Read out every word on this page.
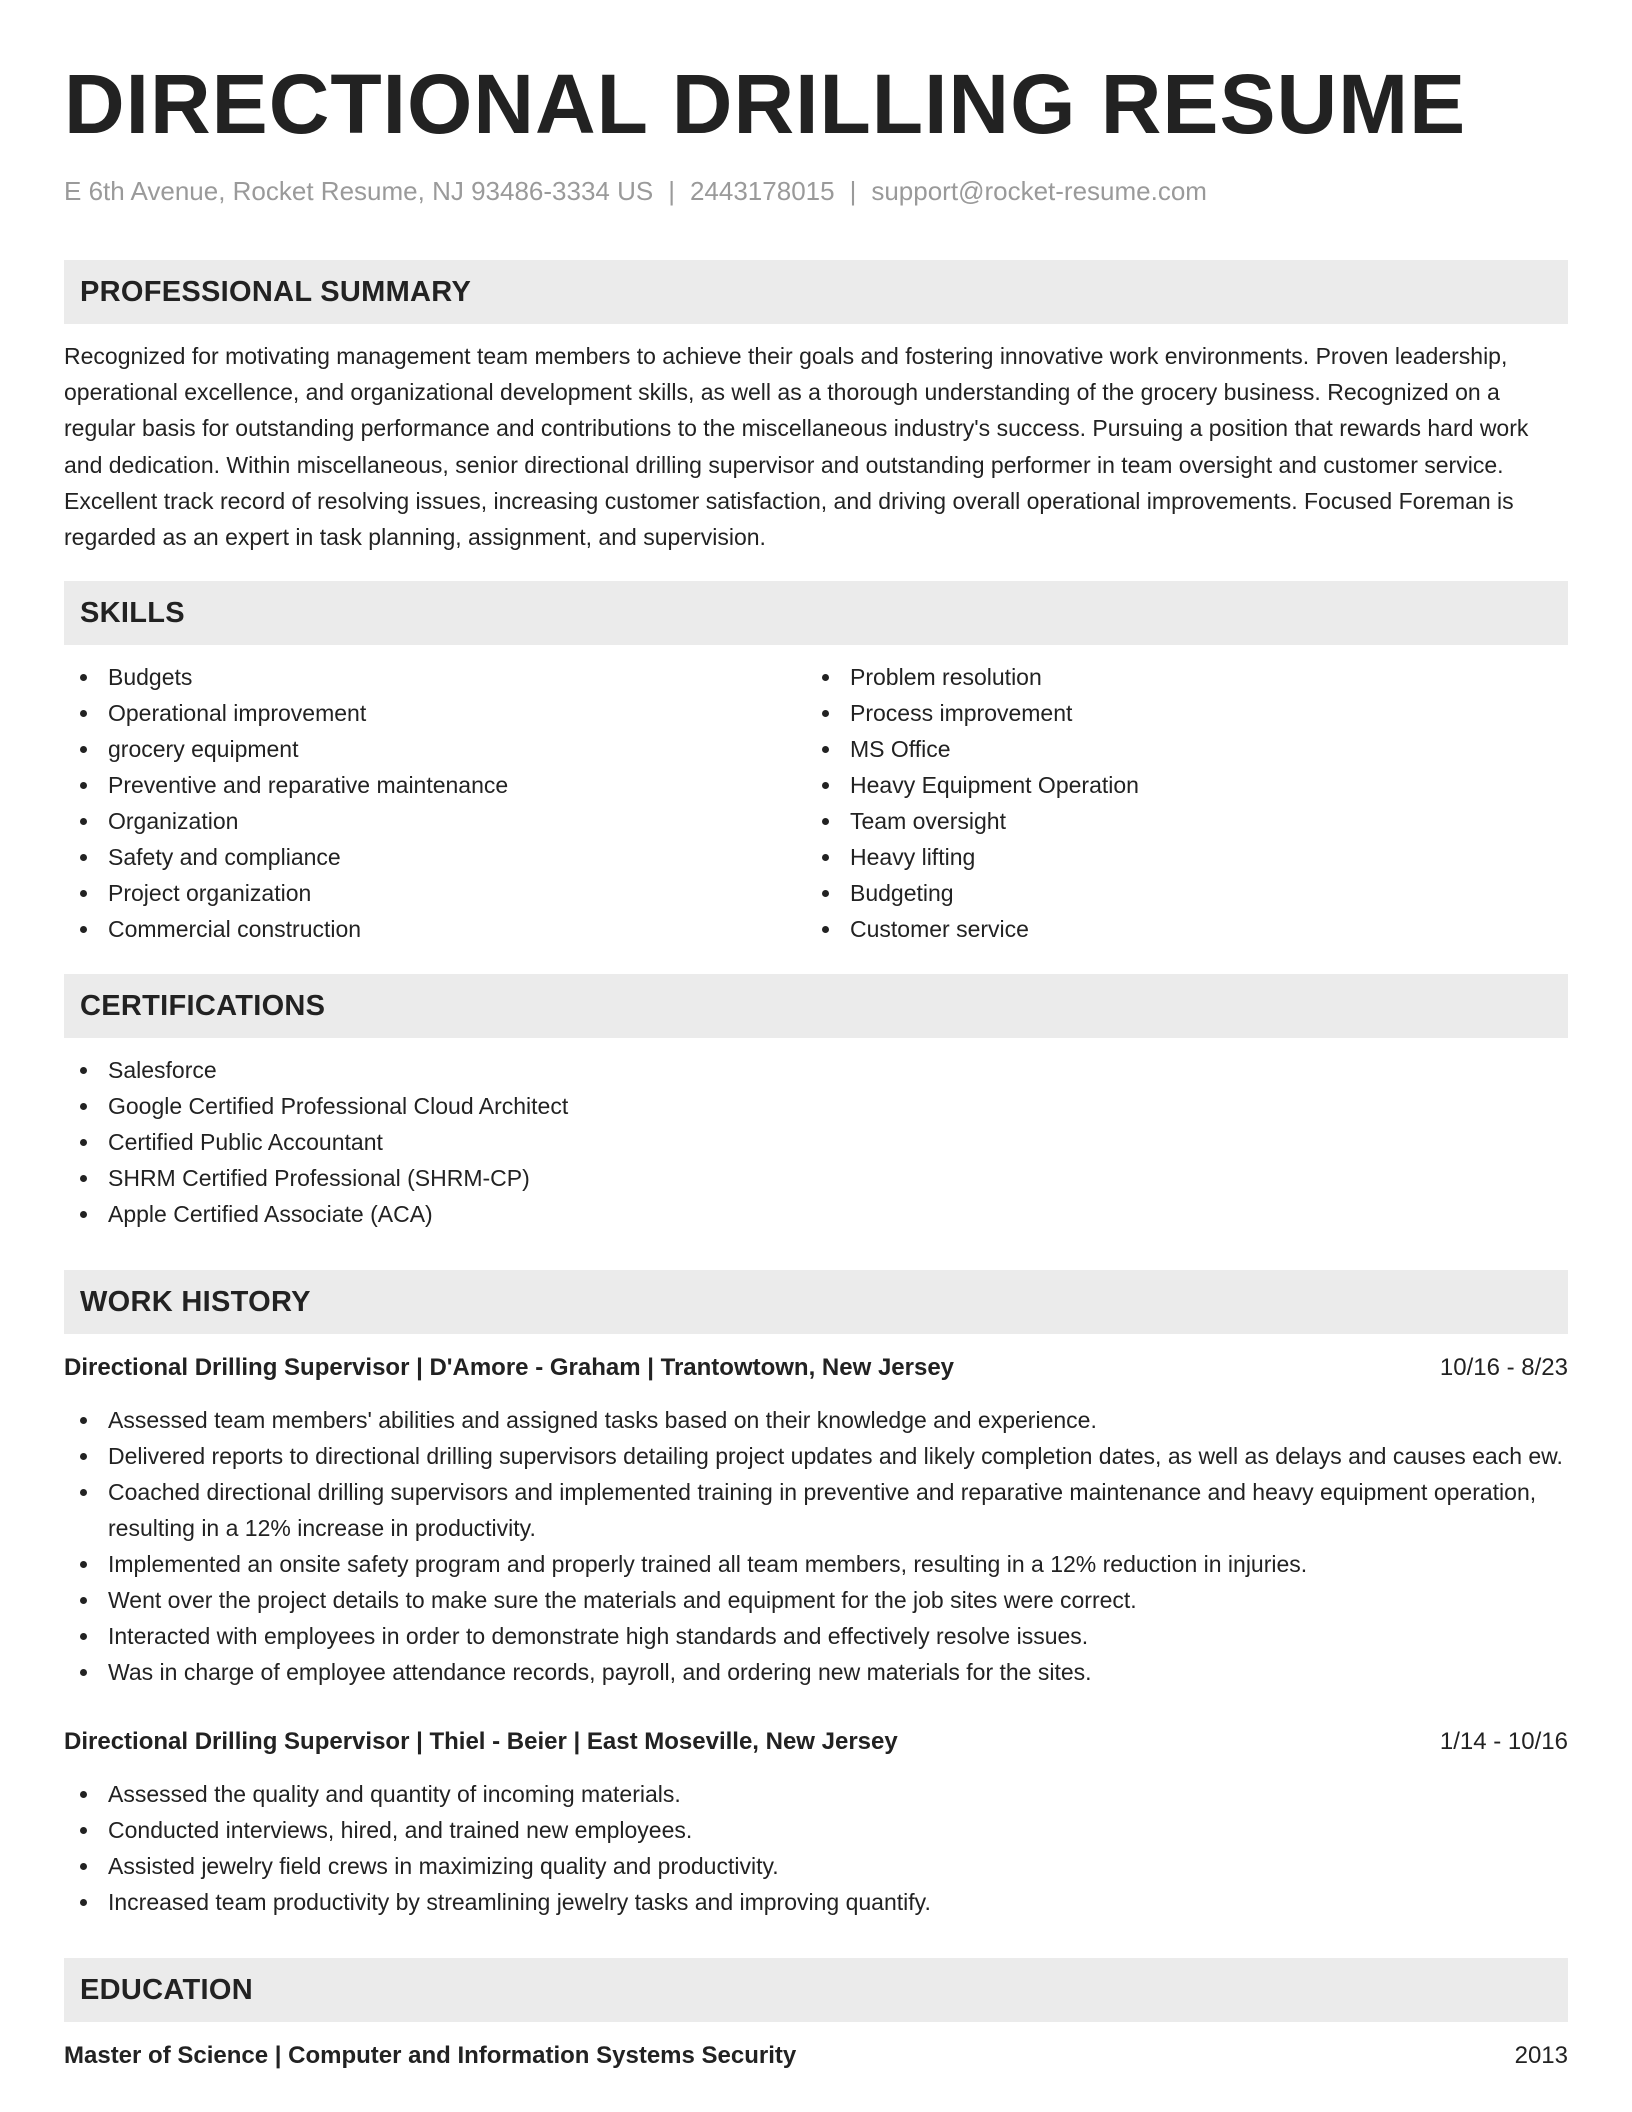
DIRECTIONAL DRILLING RESUME
E 6th Avenue, Rocket Resume, NJ 93486-3334 US | 2443178015 | support@rocket-resume.com
PROFESSIONAL SUMMARY

Recognized for motivating management team members to achieve their goals and fostering innovative work environments. Proven leadership, operational excellence, and organizational development skills, as well as a thorough understanding of the grocery business. Recognized on a regular basis for outstanding performance and contributions to the miscellaneous industry's success. Pursuing a position that rewards hard work and dedication. Within miscellaneous, senior directional drilling supervisor and outstanding performer in team oversight and customer service. Excellent track record of resolving issues, increasing customer satisfaction, and driving overall operational improvements. Focused Foreman is regarded as an expert in task planning, assignment, and supervision.

SKILLS
Budgets
Operational improvement
grocery equipment
Preventive and reparative maintenance
Organization
Safety and compliance
Project organization
Commercial construction
Problem resolution
Process improvement
MS Office
Heavy Equipment Operation
Team oversight
Heavy lifting
Budgeting
Customer service
CERTIFICATIONS
Salesforce
Google Certified Professional Cloud Architect
Certified Public Accountant
SHRM Certified Professional (SHRM-CP)
Apple Certified Associate (ACA)
WORK HISTORY
Directional Drilling Supervisor | D'Amore - Graham | Trantowtown, New Jersey	10/16 - 8/23
Assessed team members' abilities and assigned tasks based on their knowledge and experience.
Delivered reports to directional drilling supervisors detailing project updates and likely completion dates, as well as delays and causes each ew.
Coached directional drilling supervisors and implemented training in preventive and reparative maintenance and heavy equipment operation, resulting in a 12% increase in productivity.
Implemented an onsite safety program and properly trained all team members, resulting in a 12% reduction in injuries.
Went over the project details to make sure the materials and equipment for the job sites were correct.
Interacted with employees in order to demonstrate high standards and effectively resolve issues.
Was in charge of employee attendance records, payroll, and ordering new materials for the sites.
Directional Drilling Supervisor | Thiel - Beier | East Moseville, New Jersey	1/14 - 10/16
Assessed the quality and quantity of incoming materials.
Conducted interviews, hired, and trained new employees.
Assisted jewelry field crews in maximizing quality and productivity.
Increased team productivity by streamlining jewelry tasks and improving quantify.
EDUCATION
Master of Science | Computer and Information Systems Security	2013
